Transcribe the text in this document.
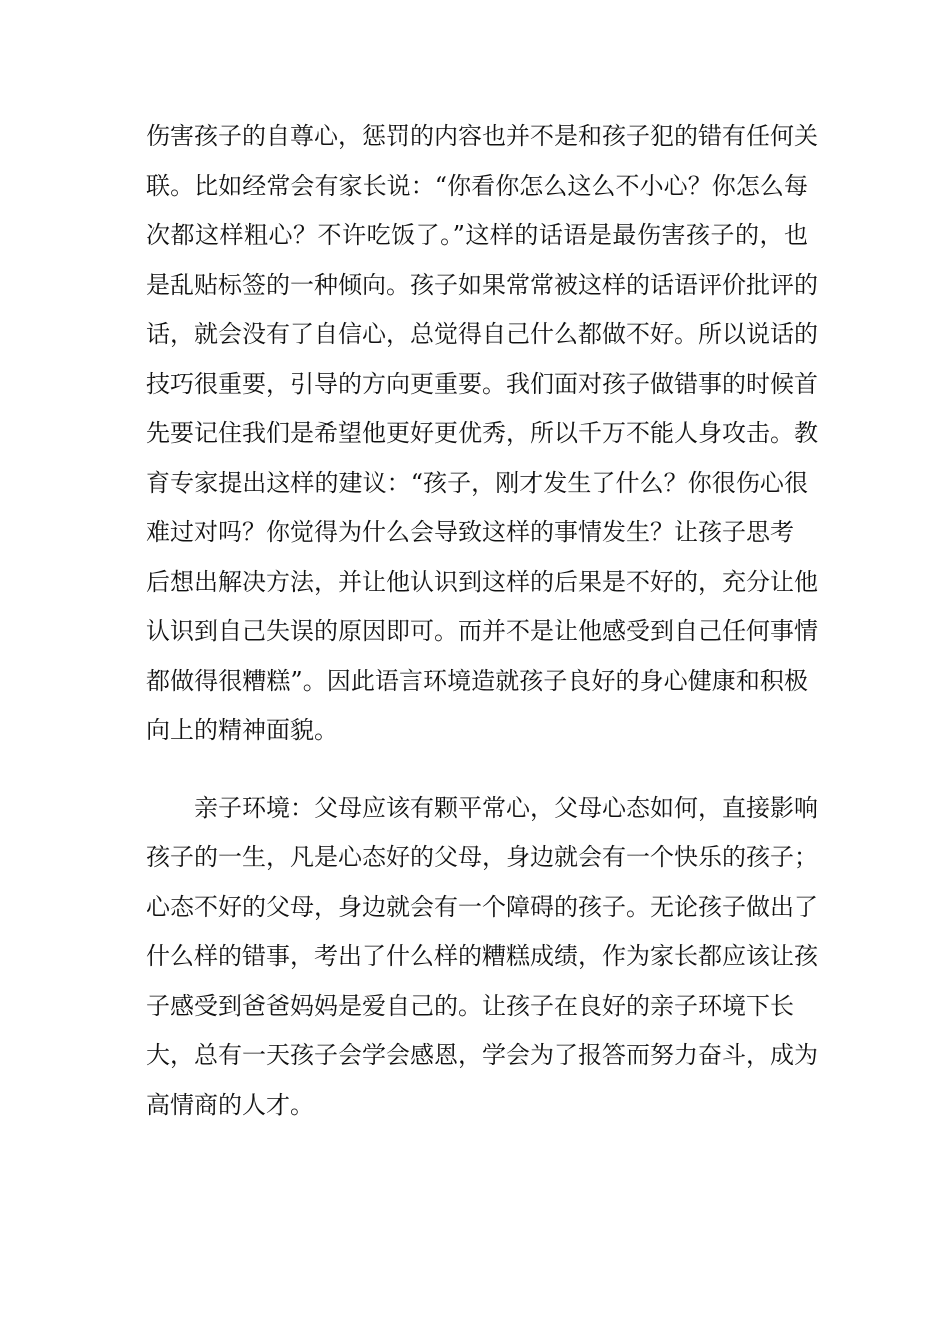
伤害孩子的自尊心，惩罚的内容也并不是和孩子犯的错有任何关
联。比如经常会有家长说：“你看你怎么这么不小心？你怎么每
次都这样粗心？不许吃饭了。”这样的话语是最伤害孩子的，也
是乱贴标签的一种倾向。孩子如果常常被这样的话语评价批评的
话，就会没有了自信心，总觉得自己什么都做不好。所以说话的
技巧很重要，引导的方向更重要。我们面对孩子做错事的时候首
先要记住我们是希望他更好更优秀，所以千万不能人身攻击。教
育专家提出这样的建议：“孩子，刚才发生了什么？你很伤心很
难过对吗？你觉得为什么会导致这样的事情发生？让孩子思考
后想出解决方法，并让他认识到这样的后果是不好的，充分让他
认识到自己失误的原因即可。而并不是让他感受到自己任何事情
都做得很糟糕”。因此语言环境造就孩子良好的身心健康和积极
向上的精神面貌。
亲子环境：父母应该有颗平常心，父母心态如何，直接影响
孩子的一生，凡是心态好的父母，身边就会有一个快乐的孩子；
心态不好的父母，身边就会有一个障碍的孩子。无论孩子做出了
什么样的错事，考出了什么样的糟糕成绩，作为家长都应该让孩
子感受到爸爸妈妈是爱自己的。让孩子在良好的亲子环境下长
大，总有一天孩子会学会感恩，学会为了报答而努力奋斗，成为
高情商的人才。
